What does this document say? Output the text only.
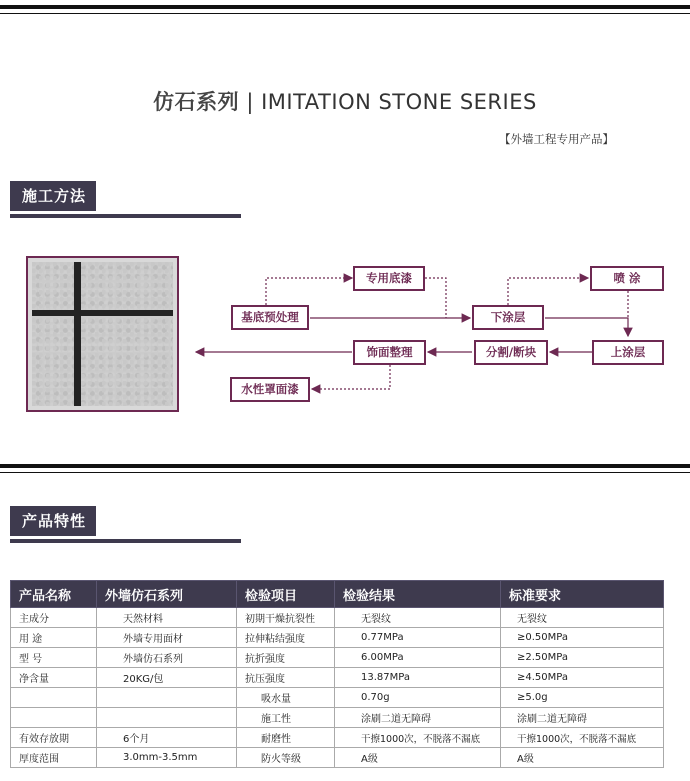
仿石系列 | IMITATION STONE SERIES
【外墙工程专用产品】
施工方法
基底预处理
专用底漆
下涂层
喷 涂
上涂层
分割/断块
饰面整理
水性罩面漆
产品特性
产品名称	外墙仿石系列	检验项目	检验结果	标准要求
主成分	天然材料	初期干燥抗裂性	无裂纹	无裂纹
用 途	外墙专用面材	拉伸粘结强度	0.77MPa	≥0.50MPa
型 号	外墙仿石系列	抗折强度	6.00MPa	≥2.50MPa
净含量	20KG/包	抗压强度	13.87MPa	≥4.50MPa
		吸水量	0.70g	≥5.0g
		施工性	涂刷二道无障碍	涂刷二道无障碍
有效存放期	6个月	耐磨性	干擦1000次，不脱落不漏底	干擦1000次，不脱落不漏底
厚度范围	3.0mm-3.5mm	防火等级	A级	A级
